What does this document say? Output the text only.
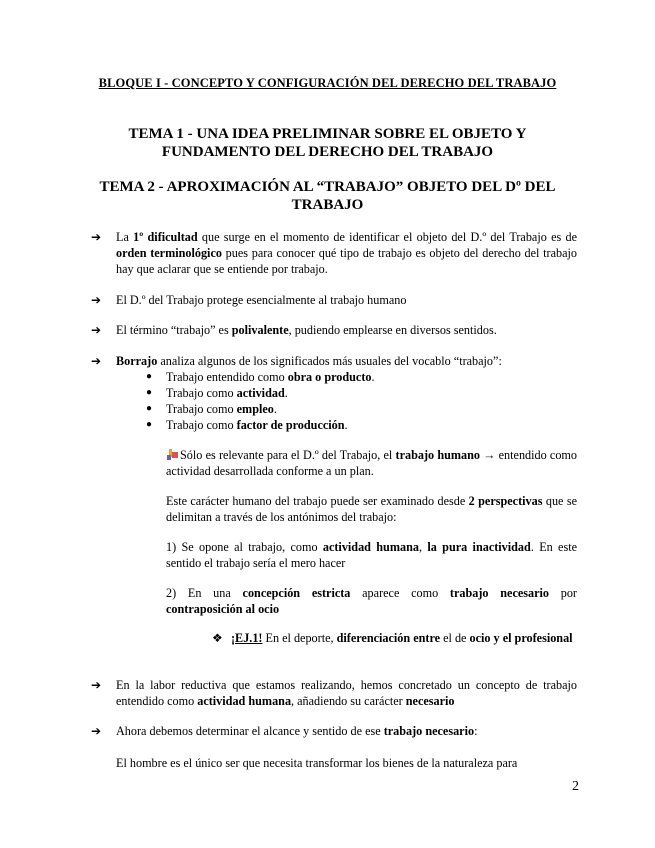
BLOQUE I - CONCEPTO Y CONFIGURACIÓN DEL DERECHO DEL TRABAJO
TEMA 1 - UNA IDEA PRELIMINAR SOBRE EL OBJETO Y
FUNDAMENTO DEL DERECHO DEL TRABAJO
TEMA 2 - APROXIMACIÓN AL “TRABAJO” OBJETO DEL Dº DEL
TRABAJO
➔	La 1º dificultad que surge en el momento de identificar el objeto del D.º del Trabajo es de orden terminológico pues para conocer qué tipo de trabajo es objeto del derecho del trabajo hay que aclarar que se entiende por trabajo.
➔	El D.º del Trabajo protege esencialmente al trabajo humano
➔	El término “trabajo” es polivalente, pudiendo emplearse en diversos sentidos.
➔	Borrajo analiza algunos de los significados más usuales del vocablo “trabajo”:
● Trabajo entendido como obra o producto.
● Trabajo como actividad.
● Trabajo como empleo.
● Trabajo como factor de producción.
Sólo es relevante para el D.º del Trabajo, el trabajo humano → entendido como actividad desarrollada conforme a un plan.
Este carácter humano del trabajo puede ser examinado desde 2 perspectivas que se delimitan a través de los antónimos del trabajo:
1) Se opone al trabajo, como actividad humana, la pura inactividad. En este sentido el trabajo sería el mero hacer
2) En una concepción estricta aparece como trabajo necesario por contraposición al ocio
❖ ¡EJ.1! En el deporte, diferenciación entre el de ocio y el profesional
➔	En la labor reductiva que estamos realizando, hemos concretado un concepto de trabajo entendido como actividad humana, añadiendo su carácter necesario
➔	Ahora debemos determinar el alcance y sentido de ese trabajo necesario:
El hombre es el único ser que necesita transformar los bienes de la naturaleza para
2
